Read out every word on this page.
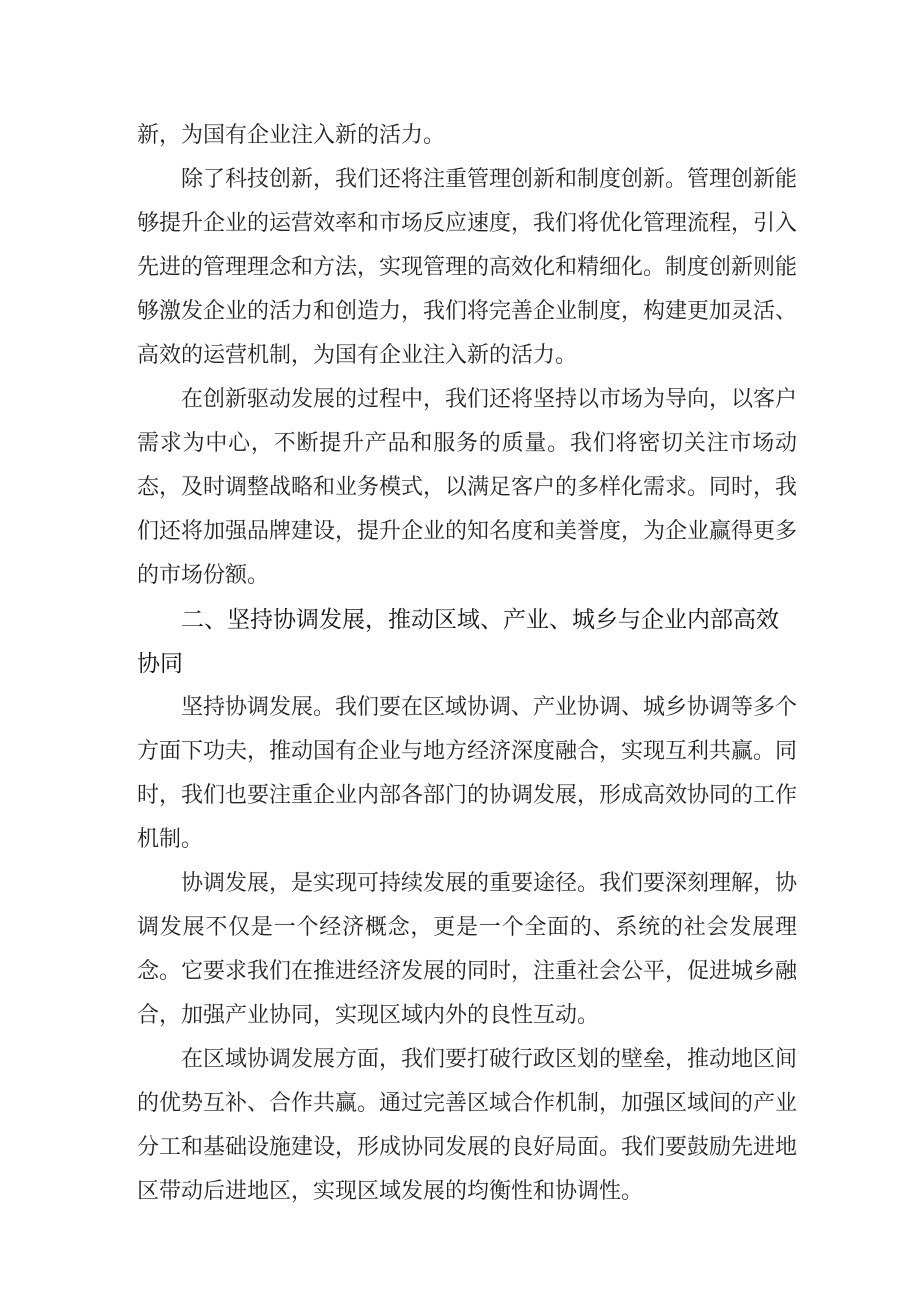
新，为国有企业注入新的活力。

除了科技创新，我们还将注重管理创新和制度创新。管理创新能够提升企业的运营效率和市场反应速度，我们将优化管理流程，引入先进的管理理念和方法，实现管理的高效化和精细化。制度创新则能够激发企业的活力和创造力，我们将完善企业制度，构建更加灵活、高效的运营机制，为国有企业注入新的活力。

在创新驱动发展的过程中，我们还将坚持以市场为导向，以客户需求为中心，不断提升产品和服务的质量。我们将密切关注市场动态，及时调整战略和业务模式，以满足客户的多样化需求。同时，我们还将加强品牌建设，提升企业的知名度和美誉度，为企业赢得更多的市场份额。

二、坚持协调发展，推动区域、产业、城乡与企业内部高效协同

坚持协调发展。我们要在区域协调、产业协调、城乡协调等多个方面下功夫，推动国有企业与地方经济深度融合，实现互利共赢。同时，我们也要注重企业内部各部门的协调发展，形成高效协同的工作机制。

协调发展，是实现可持续发展的重要途径。我们要深刻理解，协调发展不仅是一个经济概念，更是一个全面的、系统的社会发展理念。它要求我们在推进经济发展的同时，注重社会公平，促进城乡融合，加强产业协同，实现区域内外的良性互动。

在区域协调发展方面，我们要打破行政区划的壁垒，推动地区间的优势互补、合作共赢。通过完善区域合作机制，加强区域间的产业分工和基础设施建设，形成协同发展的良好局面。我们要鼓励先进地区带动后进地区，实现区域发展的均衡性和协调性。
